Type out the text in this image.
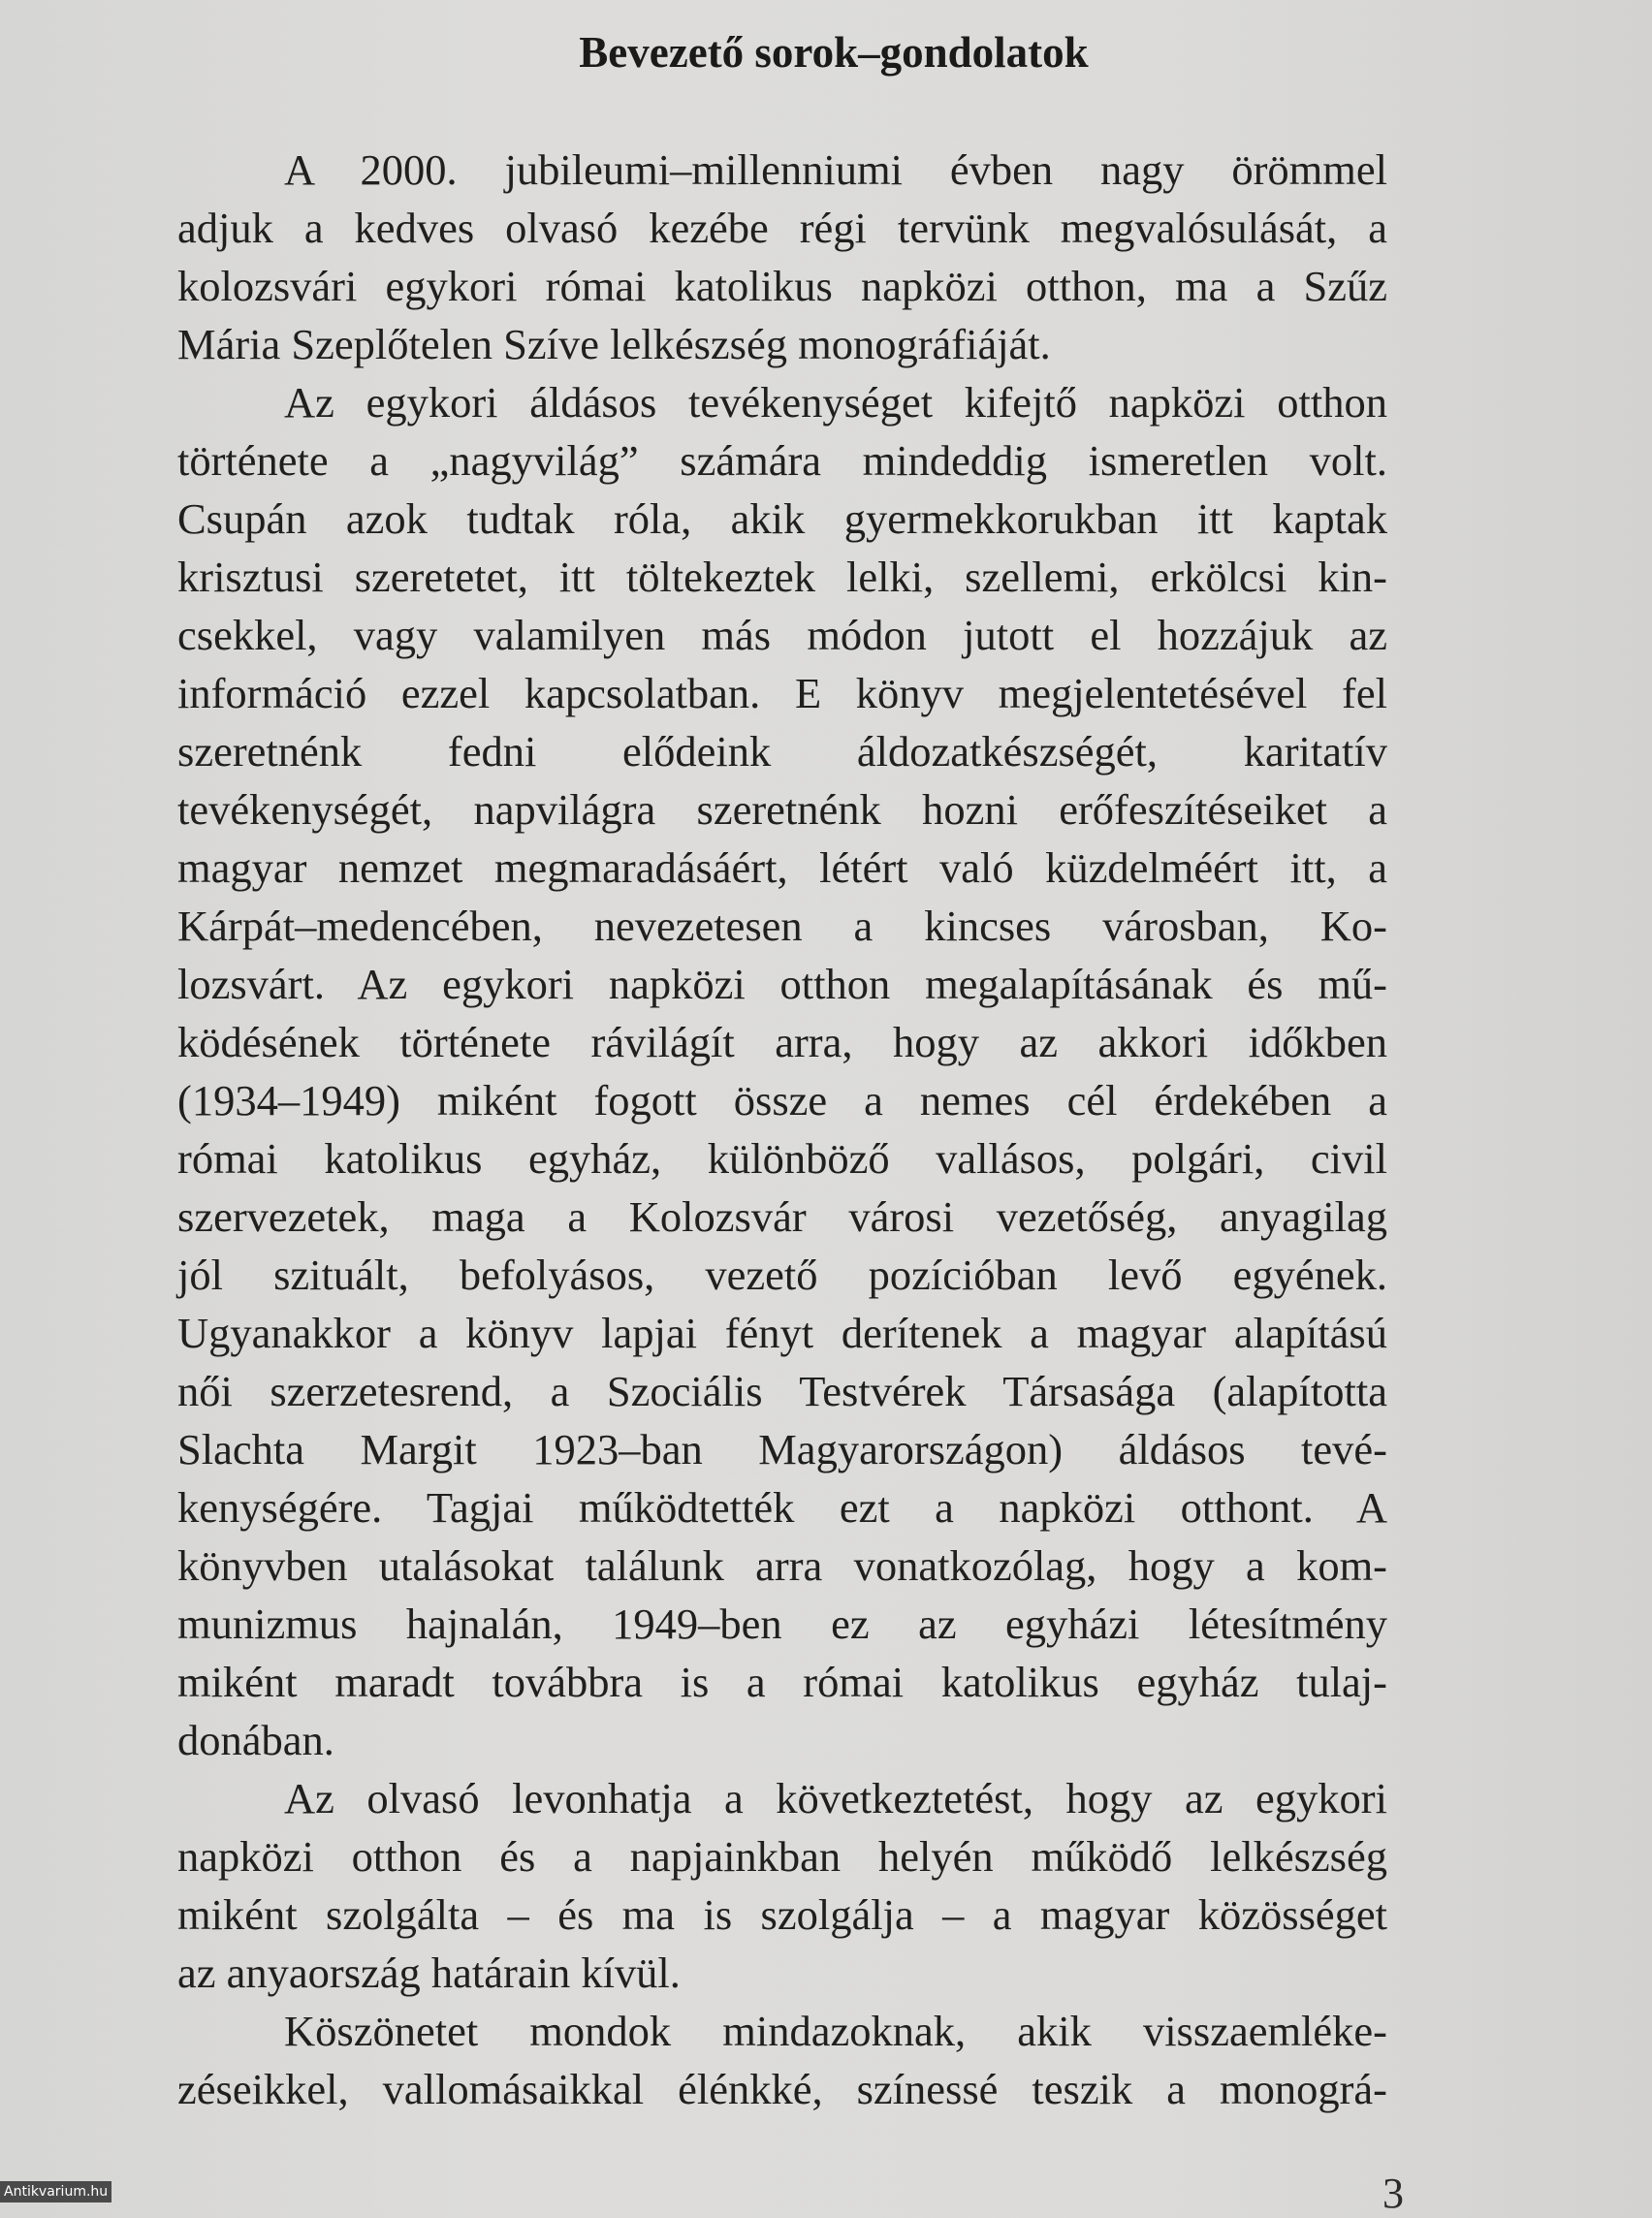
Bevezető sorok–gondolatok
A 2000. jubileumi–millenniumi évben nagy örömmel
adjuk a kedves olvasó kezébe régi tervünk megvalósulását, a
kolozsvári egykori római katolikus napközi otthon, ma a Szűz
Mária Szeplőtelen Szíve lelkészség monográfiáját.
Az egykori áldásos tevékenységet kifejtő napközi otthon
története a „nagyvilág” számára mindeddig ismeretlen volt.
Csupán azok tudtak róla, akik gyermekkorukban itt kaptak
krisztusi szeretetet, itt töltekeztek lelki, szellemi, erkölcsi kin-
csekkel, vagy valamilyen más módon jutott el hozzájuk az
információ ezzel kapcsolatban. E könyv megjelentetésével fel
szeretnénk fedni elődeink áldozatkészségét, karitatív
tevékenységét, napvilágra szeretnénk hozni erőfeszítéseiket a
magyar nemzet megmaradásáért, létért való küzdelméért itt, a
Kárpát–medencében, nevezetesen a kincses városban, Ko-
lozsvárt. Az egykori napközi otthon megalapításának és mű-
ködésének története rávilágít arra, hogy az akkori időkben
(1934–1949) miként fogott össze a nemes cél érdekében a
római katolikus egyház, különböző vallásos, polgári, civil
szervezetek, maga a Kolozsvár városi vezetőség, anyagilag
jól szituált, befolyásos, vezető pozícióban levő egyének.
Ugyanakkor a könyv lapjai fényt derítenek a magyar alapítású
női szerzetesrend, a Szociális Testvérek Társasága (alapította
Slachta Margit 1923–ban Magyarországon) áldásos tevé-
kenységére. Tagjai működtették ezt a napközi otthont. A
könyvben utalásokat találunk arra vonatkozólag, hogy a kom-
munizmus hajnalán, 1949–ben ez az egyházi létesítmény
miként maradt továbbra is a római katolikus egyház tulaj-
donában.
Az olvasó levonhatja a következtetést, hogy az egykori
napközi otthon és a napjainkban helyén működő lelkészség
miként szolgálta – és ma is szolgálja – a magyar közösséget
az anyaország határain kívül.
Köszönetet mondok mindazoknak, akik visszaemléke-
zéseikkel, vallomásaikkal élénkké, színessé teszik a monográ-
3
Antikvarium.hu
